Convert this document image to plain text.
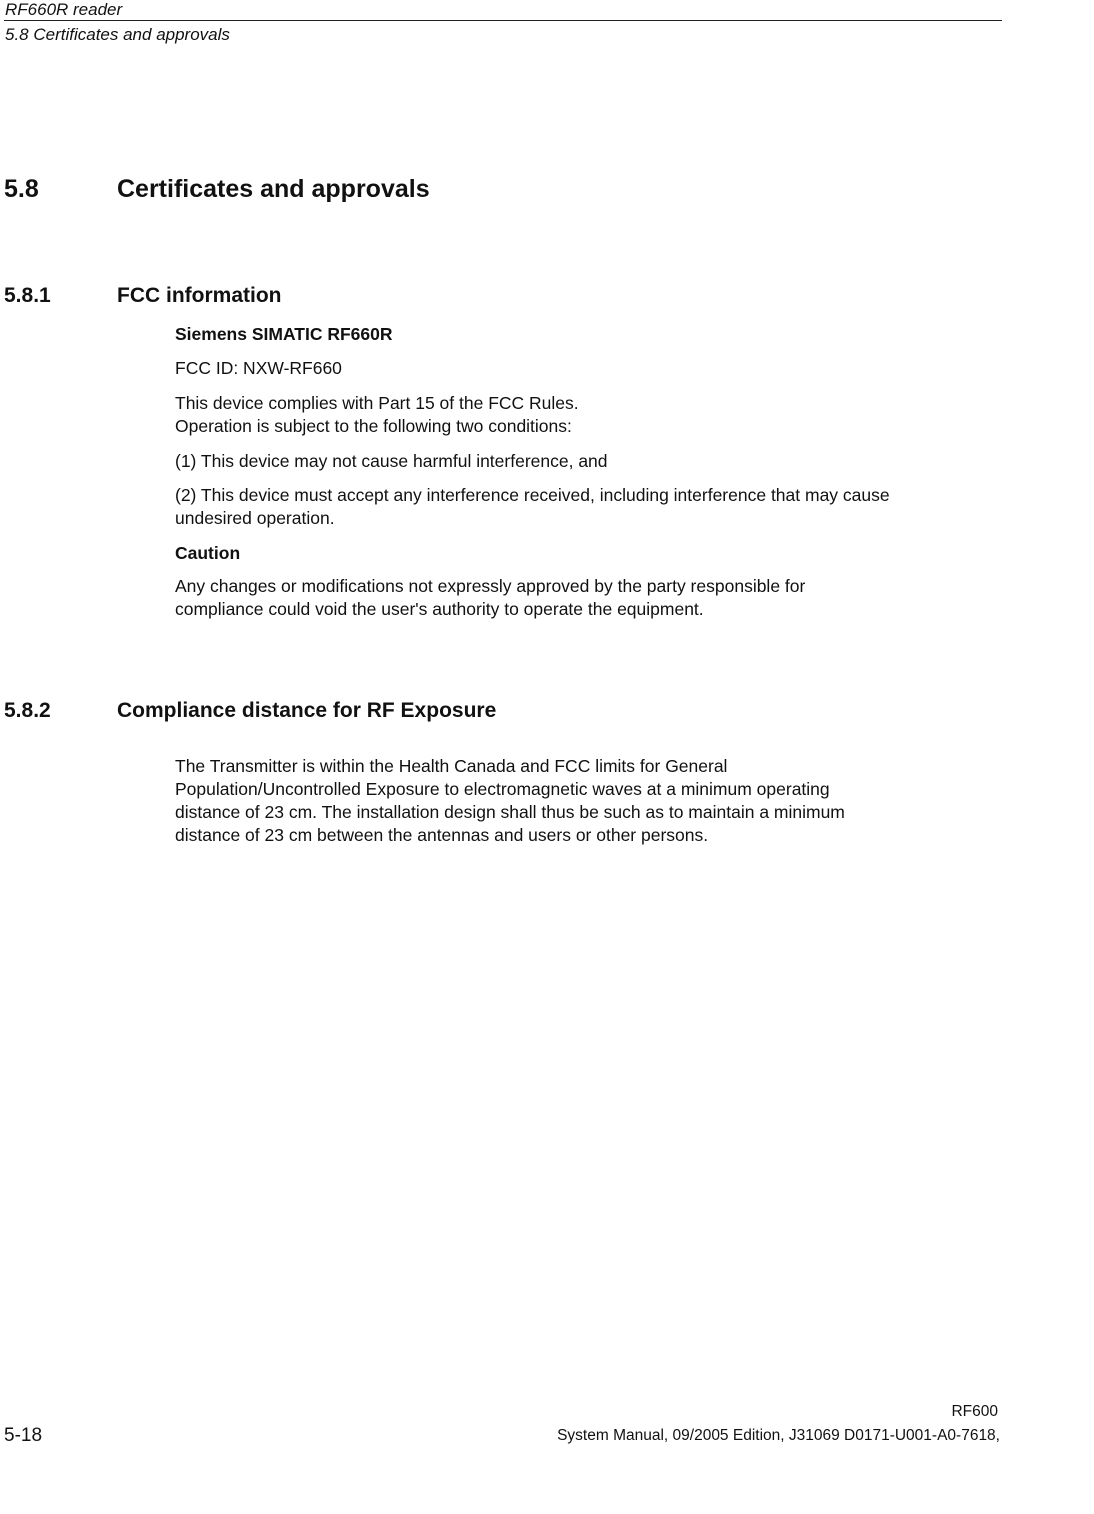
RF660R reader
5.8 Certificates and approvals
5.8	Certificates and approvals
5.8.1	FCC information
Siemens SIMATIC RF660R
FCC ID: NXW-RF660
This device complies with Part 15 of the FCC Rules.
Operation is subject to the following two conditions:
(1) This device may not cause harmful interference, and
(2) This device must accept any interference received, including interference that may cause
undesired operation.
Caution
Any changes or modifications not expressly approved by the party responsible for
compliance could void the user's authority to operate the equipment.
5.8.2	Compliance distance for RF Exposure
The Transmitter is within the Health Canada and FCC limits for General
Population/Uncontrolled Exposure to electromagnetic waves at a minimum operating
distance of 23 cm. The installation design shall thus be such as to maintain a minimum
distance of 23 cm between the antennas and users or other persons.
RF600
5-18	System Manual, 09/2005 Edition, J31069 D0171-U001-A0-7618,
